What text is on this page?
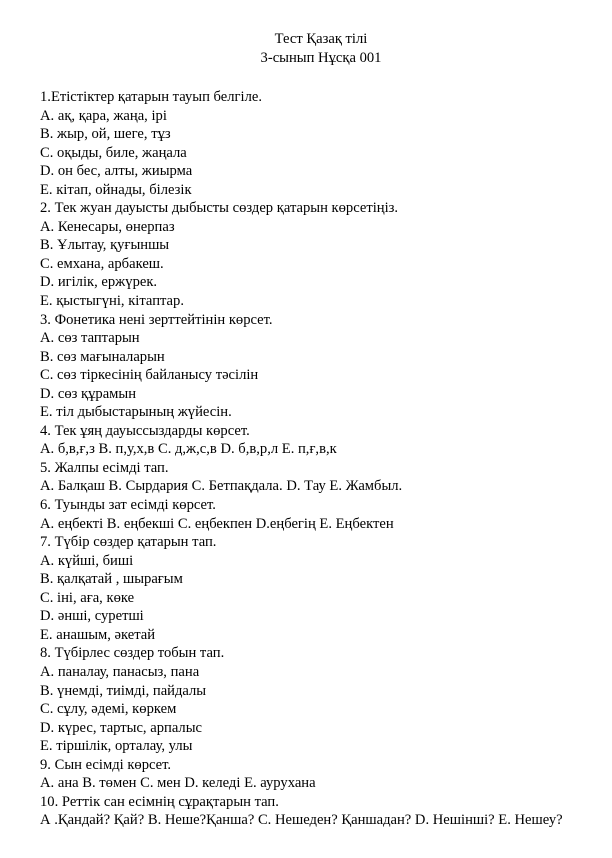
Тест Қазақ тілі
3-сынып Нұсқа 001
1.Етістіктер қатарын тауып белгіле.
А. ақ, қара, жаңа, ірі
В. жыр, ой, шеге, тұз
С. оқыды, биле, жаңала
D. он бес, алты, жиырма
Е. кітап, ойнады, білезік
2. Тек жуан дауысты дыбысты сөздер қатарын көрсетіңіз.
А. Кенесары, өнерпаз
В. Ұлытау, қуғыншы
С. емхана, арбакеш.
D. игілік, ержүрек.
Е. қыстыгүні, кітаптар.
3. Фонетика нені зерттейтінін көрсет.
А. сөз таптарын
В. сөз мағыналарын
С. сөз тіркесінің байланысу тәсілін
D. сөз құрамын
Е. тіл дыбыстарының жүйесін.
4. Тек ұяң дауыссыздарды көрсет.
А. б,в,ғ,з В. п,у,х,в С. д,ж,с,в D. б,в,р,л Е. п,ғ,в,к
5. Жалпы есімді тап.
А. Балқаш В. Сырдария С. Бетпақдала. D. Тау Е. Жамбыл.
6. Туынды зат есімді көрсет.
А. еңбекті В. еңбекші С. еңбекпен D.еңбегің Е. Еңбектен
7. Түбір сөздер қатарын тап.
А. күйші, биші
В. қалқатай , шырағым
С. іні, аға, көке
D. әнші, суретші
Е. анашым, әкетай
8. Түбірлес сөздер тобын тап.
А. паналау, панасыз, пана
В. үнемді, тиімді, пайдалы
С. сұлу, әдемі, көркем
D. күрес, тартыс, арпалыс
Е. тіршілік, орталау, улы
9. Сын есімді көрсет.
А. ана В. төмен С. мен D. келеді Е. аурухана
10. Реттік сан есімнің сұрақтарын тап.
А .Қандай? Қай? В. Неше?Қанша? С. Нешеден? Қаншадан? D. Нешінші? Е. Нешеу?
